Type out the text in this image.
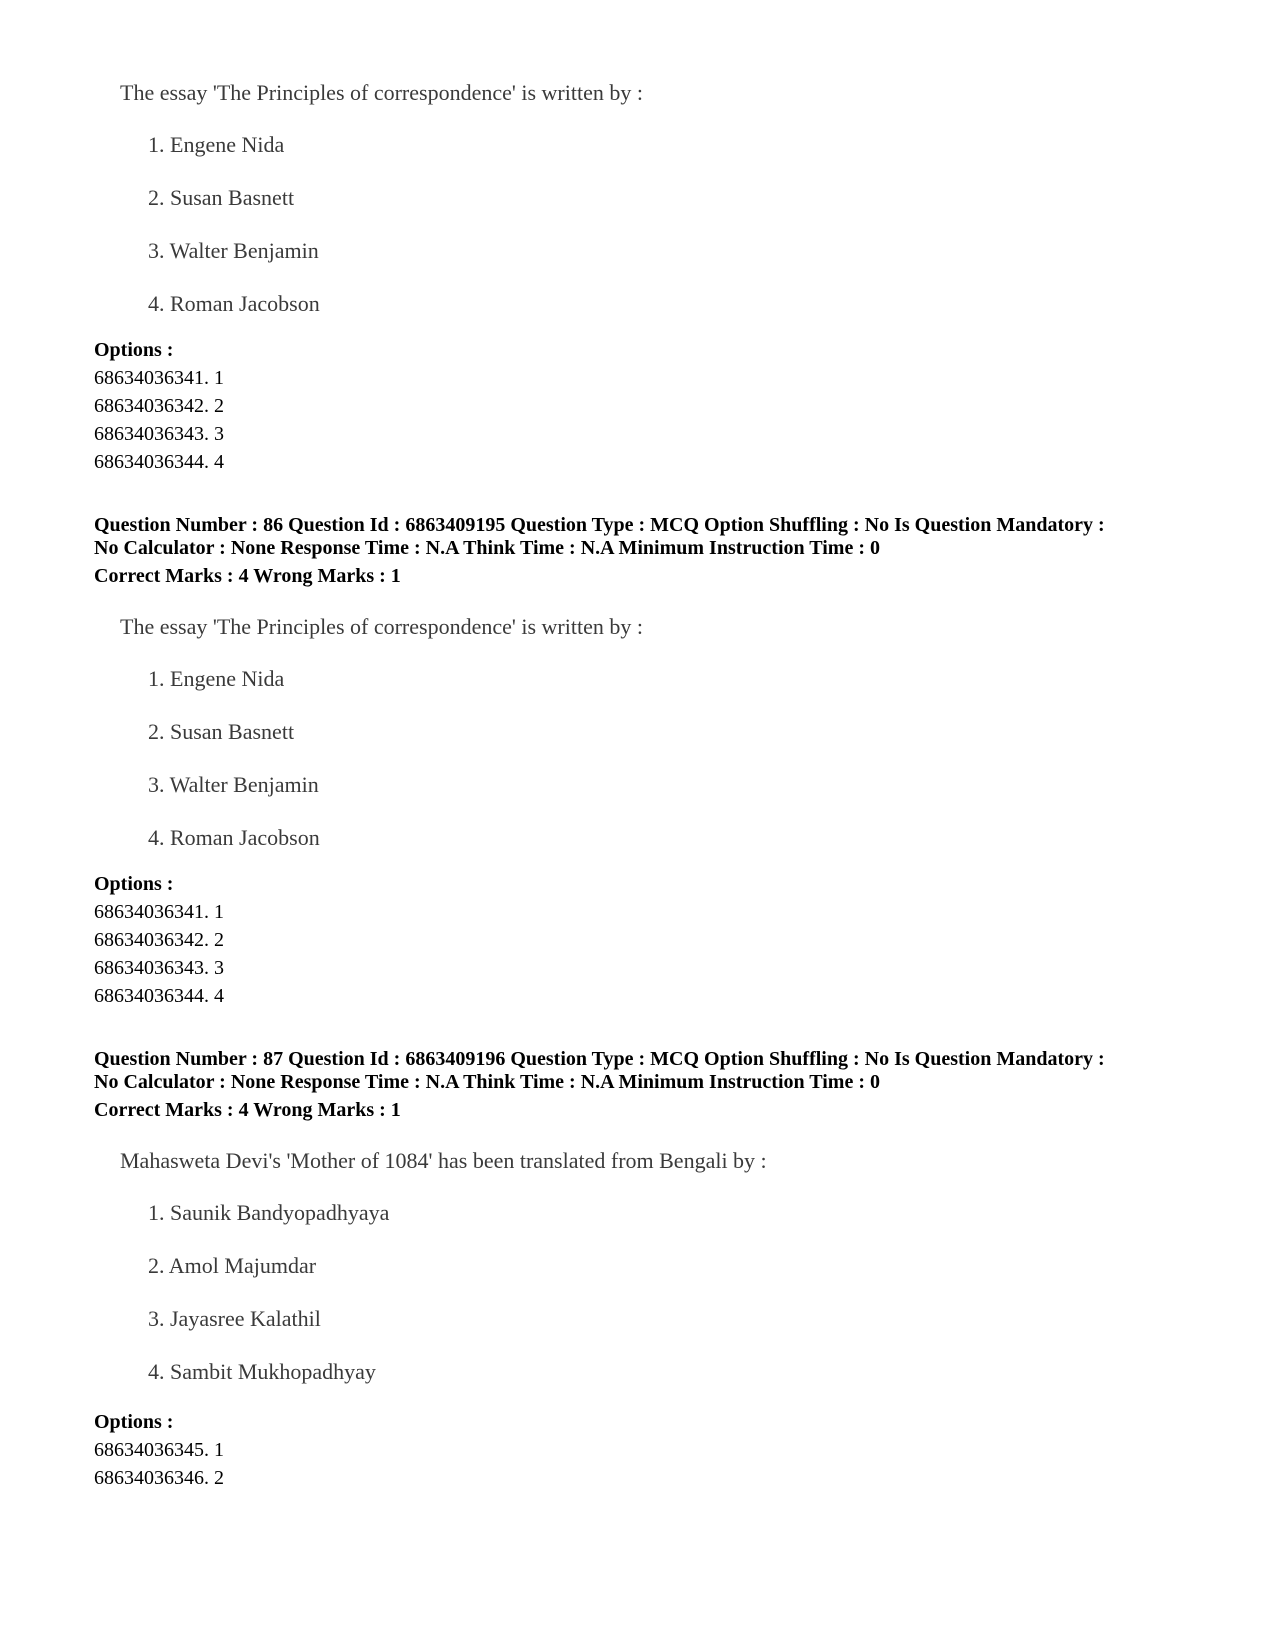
The essay 'The Principles of correspondence' is written by :
1. Engene Nida
2. Susan Basnett
3. Walter Benjamin
4. Roman Jacobson
Options :
68634036341. 1
68634036342. 2
68634036343. 3
68634036344. 4
Question Number : 86 Question Id : 6863409195 Question Type : MCQ Option Shuffling : No Is Question Mandatory :
No Calculator : None Response Time : N.A Think Time : N.A Minimum Instruction Time : 0
Correct Marks : 4 Wrong Marks : 1
The essay 'The Principles of correspondence' is written by :
1. Engene Nida
2. Susan Basnett
3. Walter Benjamin
4. Roman Jacobson
Options :
68634036341. 1
68634036342. 2
68634036343. 3
68634036344. 4
Question Number : 87 Question Id : 6863409196 Question Type : MCQ Option Shuffling : No Is Question Mandatory :
No Calculator : None Response Time : N.A Think Time : N.A Minimum Instruction Time : 0
Correct Marks : 4 Wrong Marks : 1
Mahasweta Devi's 'Mother of 1084' has been translated from Bengali by :
1. Saunik Bandyopadhyaya
2. Amol Majumdar
3. Jayasree Kalathil
4. Sambit Mukhopadhyay
Options :
68634036345. 1
68634036346. 2
